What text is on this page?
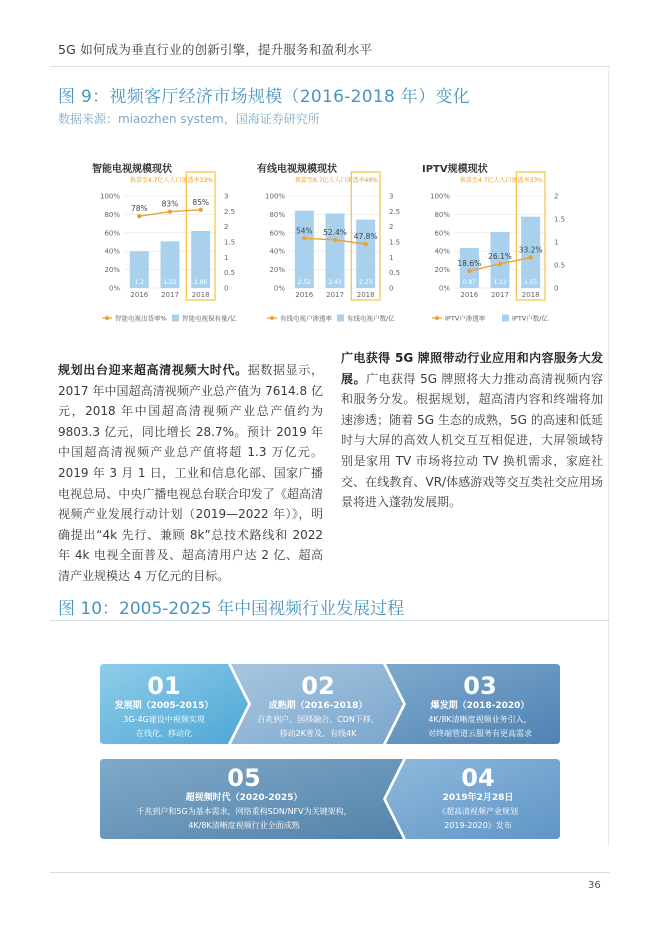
5G 如何成为垂直行业的创新引擎，提升服务和盈利水平
图 9：视频客厅经济市场规模（2016-2018 年）变化
数据来源：miaozhen system，国海证券研究所
智能电视规模现状
换算至4.7亿人人口渗透率33%
100%
80%
60%
40%
20%
0%
3
2.5
2
1.5
1
0.5
0
1.2
2016
1.52
2017
1.86
2018
78%
83% 85%
智能电视出货率% 智能电视保有量/亿
有线电视规模现状
换算至6.7亿人人口渗透率48%
100%
80%
60%
40%
20%
0%
3
2.5
2
1.5
1
0.5
0
2.52
2016
2.43
2017
2.23
2018
54% 52.4% 47.8%
有线电视户渗透率 有线电视户数/亿
IPTV规模现状
换算至4.7亿人人口渗透率33%
100%
80%
60%
40%
20%
0%
2
1.5
1
0.5
0
0.87
2016
1.22
2017
1.55
2018
18.6%
26.1%
33.2%
IPTV户渗透率	IPTV户数/亿
规划出台迎来超高清视频大时代。据数据显示，2017 年中国超高清视频产业总产值为 7614.8 亿元，2018 年中国超高清视频产业总产值约为 9803.3 亿元，同比增长 28.7%。预计 2019 年中国超高清视频产业总产值将超 1.3 万亿元。2019 年 3 月 1 日，工业和信息化部、国家广播电视总局、中央广播电视总台联合印发了《超高清视频产业发展行动计划（2019—2022 年）》，明确提出“4k 先行、兼顾 8k”总技术路线和 2022 年 4k 电视全面普及、超高清用户达 2 亿、超高清产业规模达 4 万亿元的目标。
广电获得 5G 牌照带动行业应用和内容服务大发展。广电获得 5G 牌照将大力推动高清视频内容和服务分发。根据规划，超高清内容和终端将加速渗透；随着 5G 生态的成熟，5G 的高速和低延时与大屏的高效人机交互互相促进，大屏领域特别是家用 TV 市场将拉动 TV 换机需求，家庭社交、在线教育、VR/体感游戏等交互类社交应用场景将进入蓬勃发展期。
图 10：2005-2025 年中国视频行业发展过程
01
发展期（2005-2015）
3G-4G建设中视频实现
在线化、移动化
02
成熟期（2016-2018）
百兆到户、国移融合、CDN下移、
移动2K普及、有线4K
03
爆发期（2018-2020）
4K/8K清晰度视频业务引入，
对终端管道云服务有更高需求
04
2019年2月28日
《超高清视频产业规划
2019-2020》发布
05
超视频时代（2020-2025）
千兆到户和5G为基本需求，网络重构SDN/NFV为关键架构，
4K/8K清晰度视频行业全面成熟
36
